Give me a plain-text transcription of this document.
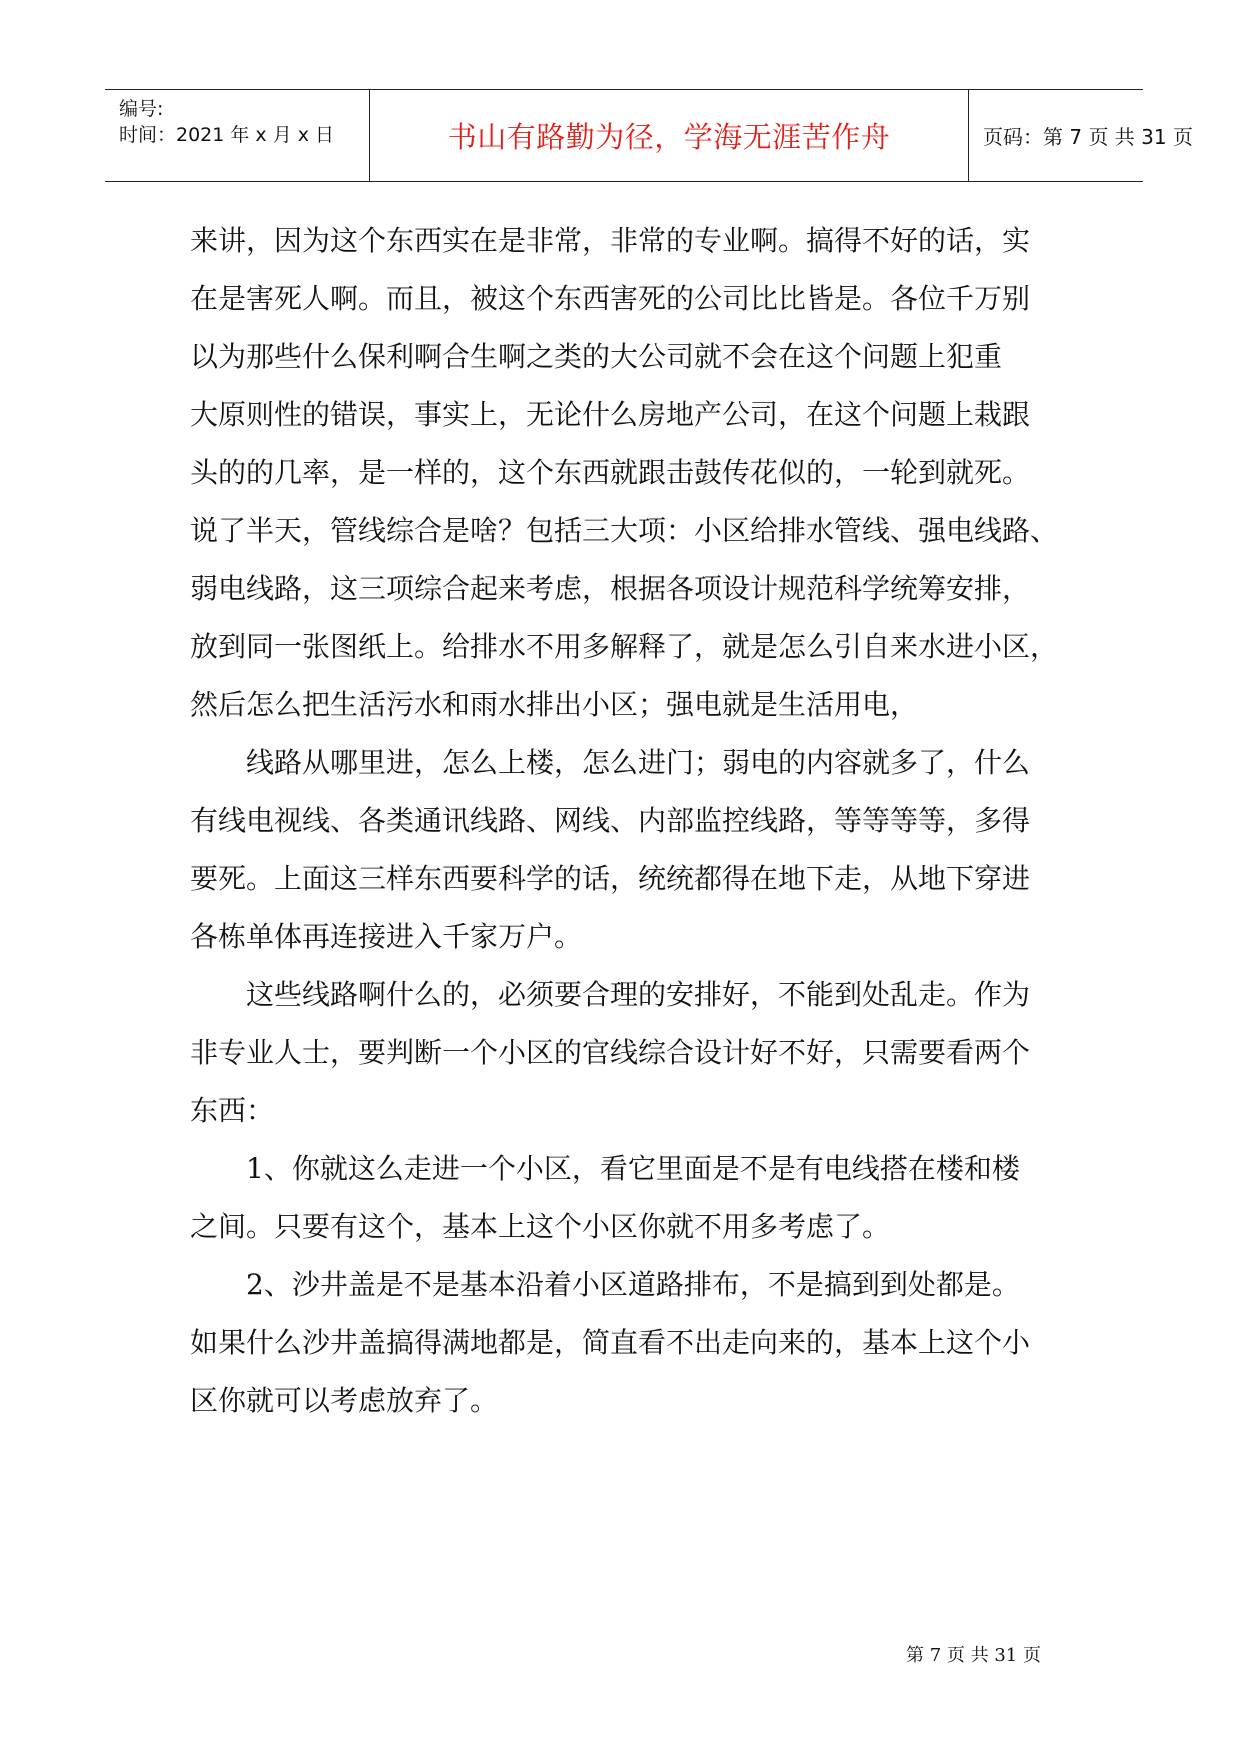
编号:
时间：2021 年 x 月 x 日	书山有路勤为径，学海无涯苦作舟	页码：第 7 页 共 31 页
来讲，因为这个东西实在是非常，非常的专业啊。搞得不好的话，实
在是害死人啊。而且，被这个东西害死的公司比比皆是。各位千万别
以为那些什么保利啊合生啊之类的大公司就不会在这个问题上犯重
大原则性的错误，事实上，无论什么房地产公司，在这个问题上栽跟
头的的几率，是一样的，这个东西就跟击鼓传花似的，一轮到就死。
说了半天，管线综合是啥？包括三大项：小区给排水管线、强电线路、
弱电线路，这三项综合起来考虑，根据各项设计规范科学统筹安排，
放到同一张图纸上。给排水不用多解释了，就是怎么引自来水进小区，
然后怎么把生活污水和雨水排出小区；强电就是生活用电，
线路从哪里进，怎么上楼，怎么进门；弱电的内容就多了，什么
有线电视线、各类通讯线路、网线、内部监控线路，等等等等，多得
要死。上面这三样东西要科学的话，统统都得在地下走，从地下穿进
各栋单体再连接进入千家万户。
这些线路啊什么的，必须要合理的安排好，不能到处乱走。作为
非专业人士，要判断一个小区的官线综合设计好不好，只需要看两个
东西：
1、你就这么走进一个小区，看它里面是不是有电线搭在楼和楼
之间。只要有这个，基本上这个小区你就不用多考虑了。
2、沙井盖是不是基本沿着小区道路排布，不是搞到到处都是。
如果什么沙井盖搞得满地都是，简直看不出走向来的，基本上这个小
区你就可以考虑放弃了。
第 7 页 共 31 页
